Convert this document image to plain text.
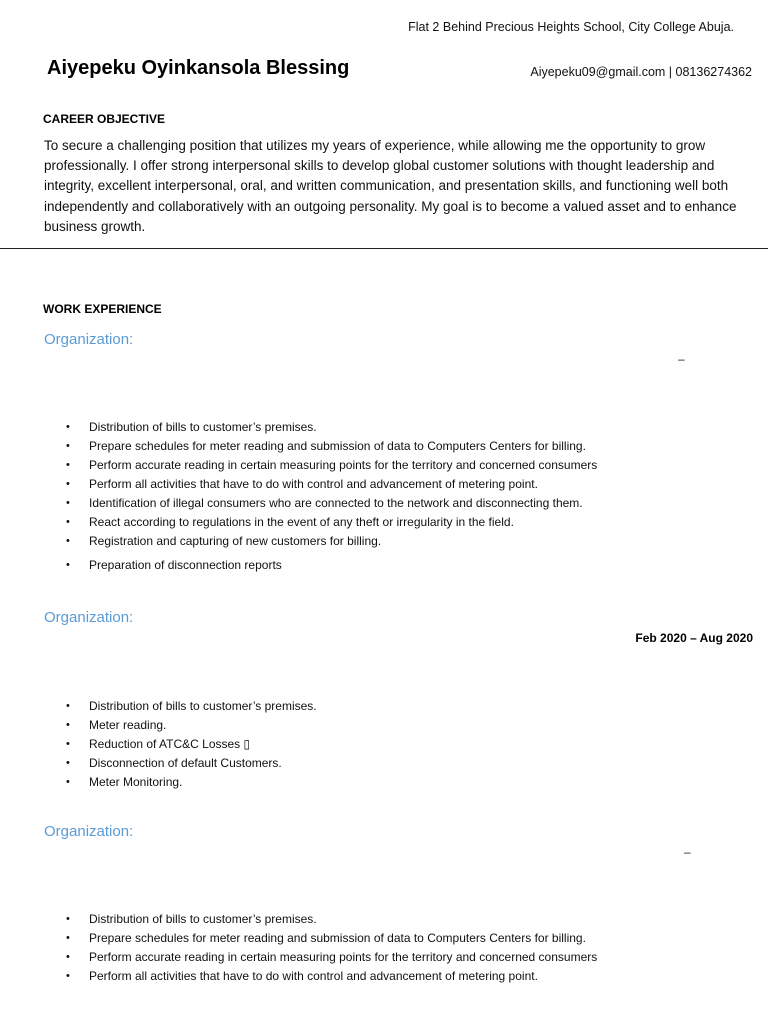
Flat 2 Behind Precious Heights School, City College Abuja.
Aiyepeku Oyinkansola Blessing	Aiyepeku09@gmail.com | 08136274362
CAREER OBJECTIVE
To secure a challenging position that utilizes my years of experience, while allowing me the opportunity to grow professionally. I offer strong interpersonal skills to develop global customer solutions with thought leadership and integrity, excellent interpersonal, oral, and written communication, and presentation skills, and functioning well both independently and collaboratively with an outgoing personality. My goal is to become a valued asset and to enhance business growth.
WORK EXPERIENCE
Organization:
–
• Distribution of bills to customer’s premises.
• Prepare schedules for meter reading and submission of data to Computers Centers for billing.
• Perform accurate reading in certain measuring points for the territory and concerned consumers
• Perform all activities that have to do with control and advancement of metering point.
• Identification of illegal consumers who are connected to the network and disconnecting them.
• React according to regulations in the event of any theft or irregularity in the field.
• Registration and capturing of new customers for billing.
• Preparation of disconnection reports
Organization:
Feb 2020 – Aug 2020
• Distribution of bills to customer’s premises.
• Meter reading.
• Reduction of ATC&C Losses ▯
• Disconnection of default Customers.
• Meter Monitoring.
Organization:
–
• Distribution of bills to customer’s premises.
• Prepare schedules for meter reading and submission of data to Computers Centers for billing.
• Perform accurate reading in certain measuring points for the territory and concerned consumers
• Perform all activities that have to do with control and advancement of metering point.
